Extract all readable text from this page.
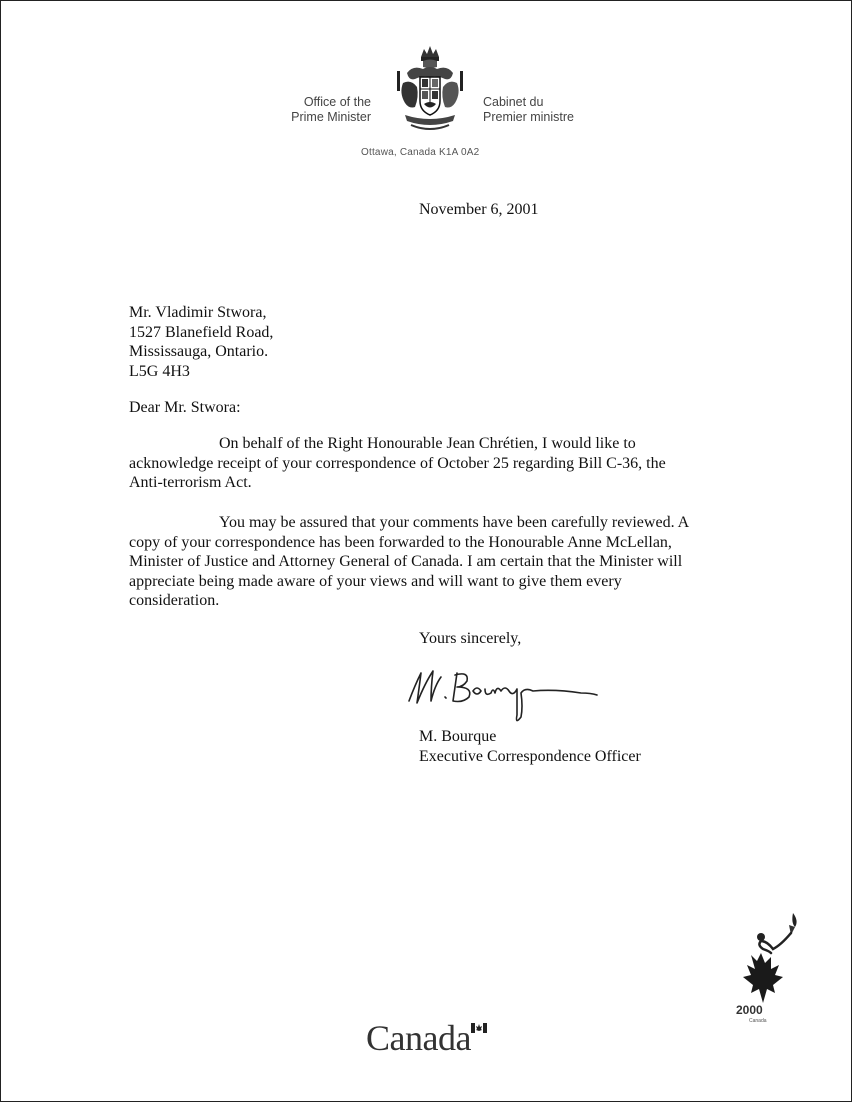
Office of the
Prime Minister
Cabinet du
Premier ministre
Ottawa, Canada K1A 0A2
November 6, 2001
Mr. Vladimir Stwora,
1527 Blanefield Road,
Mississauga, Ontario.
L5G 4H3
Dear Mr. Stwora:
On behalf of the Right Honourable Jean Chrétien, I would like to
acknowledge receipt of your correspondence of October 25 regarding Bill C-36, the
Anti-terrorism Act.
You may be assured that your comments have been carefully reviewed. A
copy of your correspondence has been forwarded to the Honourable Anne McLellan,
Minister of Justice and Attorney General of Canada. I am certain that the Minister will
appreciate being made aware of your views and will want to give them every
consideration.
Yours sincerely,
M. Bourque
Executive Correspondence Officer
2000
Canada
Canada
